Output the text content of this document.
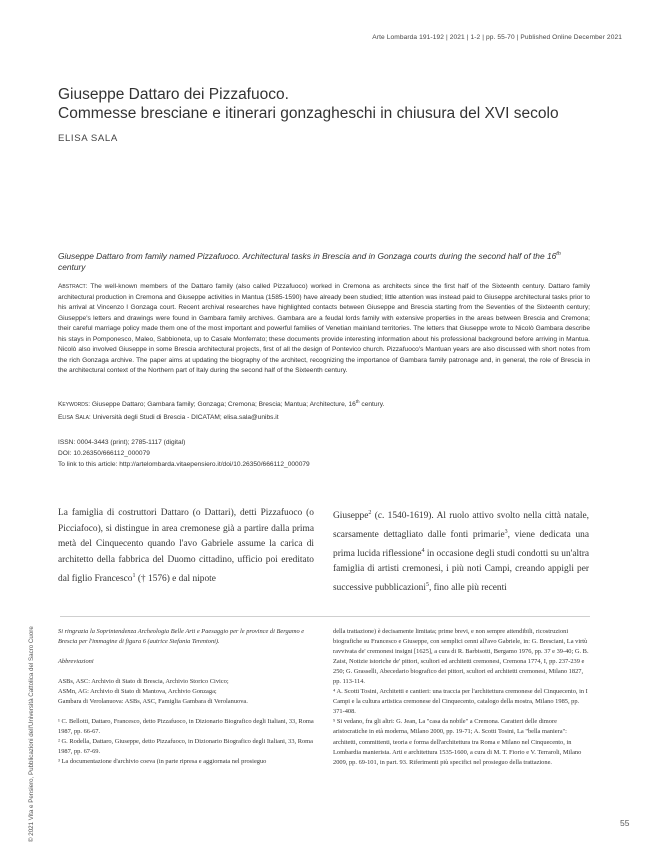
Arte Lombarda 191-192 | 2021 | 1-2 | pp. 55-70 | Published Online December 2021
Giuseppe Dattaro dei Pizzafuoco.
Commesse bresciane e itinerari gonzagheschi in chiusura del XVI secolo
ELISA SALA
Giuseppe Dattaro from family named Pizzafuoco. Architectural tasks in Brescia and in Gonzaga courts during the second half of the 16th century
Abstract: The well-known members of the Dattaro family (also called Pizzafuoco) worked in Cremona as architects since the first half of the Sixteenth century. Dattaro family architectural production in Cremona and Giuseppe activities in Mantua (1585-1590) have already been studied; little attention was instead paid to Giuseppe architectural tasks prior to his arrival at Vincenzo I Gonzaga court. Recent archival researches have highlighted contacts between Giuseppe and Brescia starting from the Seventies of the Sixteenth century; Giuseppe's letters and drawings were found in Gambara family archives. Gambara are a feudal lords family with extensive properties in the areas between Brescia and Cremona; their careful marriage policy made them one of the most important and powerful families of Venetian mainland territories. The letters that Giuseppe wrote to Nicolò Gambara describe his stays in Pomponesco, Maleo, Sabbioneta, up to Casale Monferrato; these documents provide interesting information about his professional background before arriving in Mantua. Nicolò also involved Giuseppe in some Brescia architectural projects, first of all the design of Pontevico church. Pizzafuoco's Mantuan years are also discussed with short notes from the rich Gonzaga archive. The paper aims at updating the biography of the architect, recognizing the importance of Gambara family patronage and, in general, the role of Brescia in the architectural context of the Northern part of Italy during the second half of the Sixteenth century.
Keywords: Giuseppe Dattaro; Gambara family; Gonzaga; Cremona; Brescia; Mantua; Architecture, 16th century.
Elisa Sala: Università degli Studi di Brescia - DICATAM; elisa.sala@unibs.it
ISSN: 0004-3443 (print); 2785-1117 (digital)
DOI: 10.26350/666112_000079
To link to this article: http://artelombarda.vitaepensiero.it/doi/10.26350/666112_000079
La famiglia di costruttori Dattaro (o Dattari), detti Pizzafuoco (o Picciafoco), si distingue in area cremonese già a partire dalla prima metà del Cinquecento quando l'avo Gabriele assume la carica di architetto della fabbrica del Duomo cittadino, ufficio poi ereditato dal figlio Francesco$^1$ († 1576) e dal nipote
Giuseppe$^2$ (c. 1540-1619). Al ruolo attivo svolto nella città natale, scarsamente dettagliato dalle fonti primarie$^3$, viene dedicata una prima lucida riflessione$^4$ in occasione degli studi condotti su un'altra famiglia di artisti cremonesi, i più noti Campi, creando appigli per successive pubblicazioni$^5$, fino alle più recenti

Si ringrazia la Soprintendenza Archeologia Belle Arti e Paesaggio per le province di Bergamo e Brescia per l'immagine di figura 6 (autrice Stefania Terentoni).

Abbreviazioni

ASBs, ASC: Archivio di Stato di Brescia, Archivio Storico Civico;

ASMn, AG: Archivio di Stato di Mantova, Archivio Gonzaga;

Gambara di Verolanuova: ASBs, ASC, Famiglia Gambara di Verolanuova.

¹ C. Bellotti, Dattaro, Francesco, detto Pizzafuoco, in Dizionario Biografico degli Italiani, 33, Roma 1987, pp. 66-67.

² G. Rodella, Dattaro, Giuseppe, detto Pizzafuoco, in Dizionario Biografico degli Italiani, 33, Roma 1987, pp. 67-69.

³ La documentazione d'archivio coeva (in parte ripresa e aggiornata nel prosieguo

della trattazione) è decisamente limitata; prime brevi, e non sempre attendibili, ricostruzioni biografiche su Francesco e Giuseppe, con semplici cenni all'avo Gabriele, in: G. Bresciani, La virtù ravvivata de' cremonesi insigni [1625], a cura di R. Barbisotti, Bergamo 1976, pp. 37 e 39-40; G. B. Zaist, Notizie istoriche de' pittori, scultori ed architetti cremonesi, Cremona 1774, I, pp. 237-239 e 250; G. Grasselli, Abecedario biografico dei pittori, scultori ed architetti cremonesi, Milano 1827, pp. 113-114.

⁴ A. Scotti Tosini, Architetti e cantieri: una traccia per l'architettura cremonese del Cinquecento, in I Campi e la cultura artistica cremonese del Cinquecento, catalogo della mostra, Milano 1985, pp. 371-408.

⁵ Si vedano, fra gli altri: G. Jean, La "casa da nobile" a Cremona. Caratteri delle dimore aristocratiche in età moderna, Milano 2000, pp. 19-71; A. Scotti Tosini, La "bella maniera": architetti, committenti, teoria e forma dell'architettura tra Roma e Milano nel Cinquecento, in Lombardia manierista. Arti e architettura 1535-1600, a cura di M. T. Fiorio e V. Terraroli, Milano 2009, pp. 69-101, in part. 93. Riferimenti più specifici nel prosieguo della trattazione.

© 2021 Vita e Pensiero, Pubblicazioni dell'Università Cattolica del Sacro Cuore	55
